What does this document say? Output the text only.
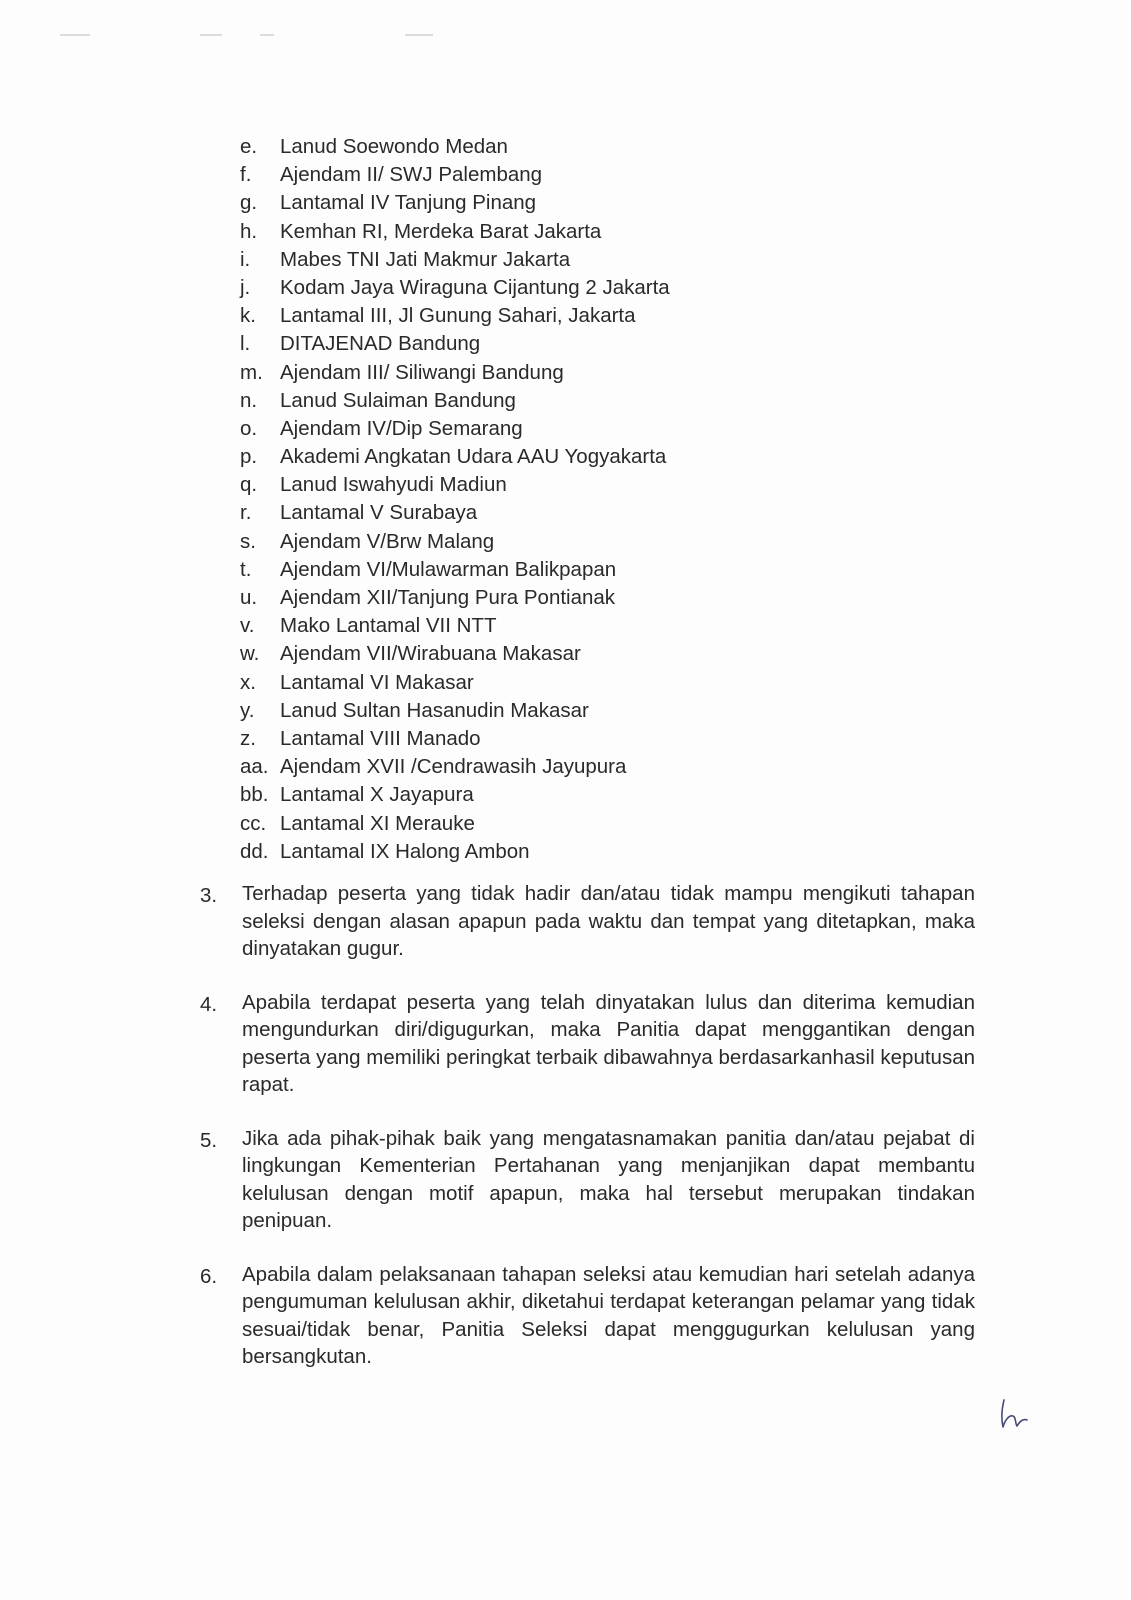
e.	Lanud Soewondo Medan
f.	Ajendam II/ SWJ Palembang
g.	Lantamal IV Tanjung Pinang
h.	Kemhan RI, Merdeka Barat Jakarta
i.	Mabes TNI Jati Makmur Jakarta
j.	Kodam Jaya Wiraguna Cijantung 2 Jakarta
k.	Lantamal III, Jl Gunung Sahari, Jakarta
l.	DITAJENAD Bandung
m. Ajendam III/ Siliwangi Bandung
n.	Lanud Sulaiman Bandung
o.	Ajendam IV/Dip Semarang
p.	Akademi Angkatan Udara AAU Yogyakarta
q.	Lanud Iswahyudi Madiun
r.	Lantamal V Surabaya
s.	Ajendam V/Brw Malang
t.	Ajendam VI/Mulawarman Balikpapan
u.	Ajendam XII/Tanjung Pura Pontianak
v.	Mako Lantamal VII NTT
w.	Ajendam VII/Wirabuana Makasar
x.	Lantamal VI Makasar
y.	Lanud Sultan Hasanudin Makasar
z.	Lantamal VIII Manado
aa. Ajendam XVII /Cendrawasih Jayupura
bb. Lantamal X Jayapura
cc. Lantamal XI Merauke
dd. Lantamal IX Halong Ambon
3.	Terhadap peserta yang tidak hadir dan/atau tidak mampu mengikuti tahapan seleksi dengan alasan apapun pada waktu dan tempat yang ditetapkan, maka dinyatakan gugur.
4.	Apabila terdapat peserta yang telah dinyatakan lulus dan diterima kemudian mengundurkan diri/digugurkan, maka Panitia dapat menggantikan dengan peserta yang memiliki peringkat terbaik dibawahnya berdasarkanhasil keputusan rapat.
5.	Jika ada pihak-pihak baik yang mengatasnamakan panitia dan/atau pejabat di lingkungan Kementerian Pertahanan yang menjanjikan dapat membantu kelulusan dengan motif apapun, maka hal tersebut merupakan tindakan penipuan.
6.	Apabila dalam pelaksanaan tahapan seleksi atau kemudian hari setelah adanya pengumuman kelulusan akhir, diketahui terdapat keterangan pelamar yang tidak sesuai/tidak benar, Panitia Seleksi dapat menggugurkan kelulusan yang bersangkutan.
